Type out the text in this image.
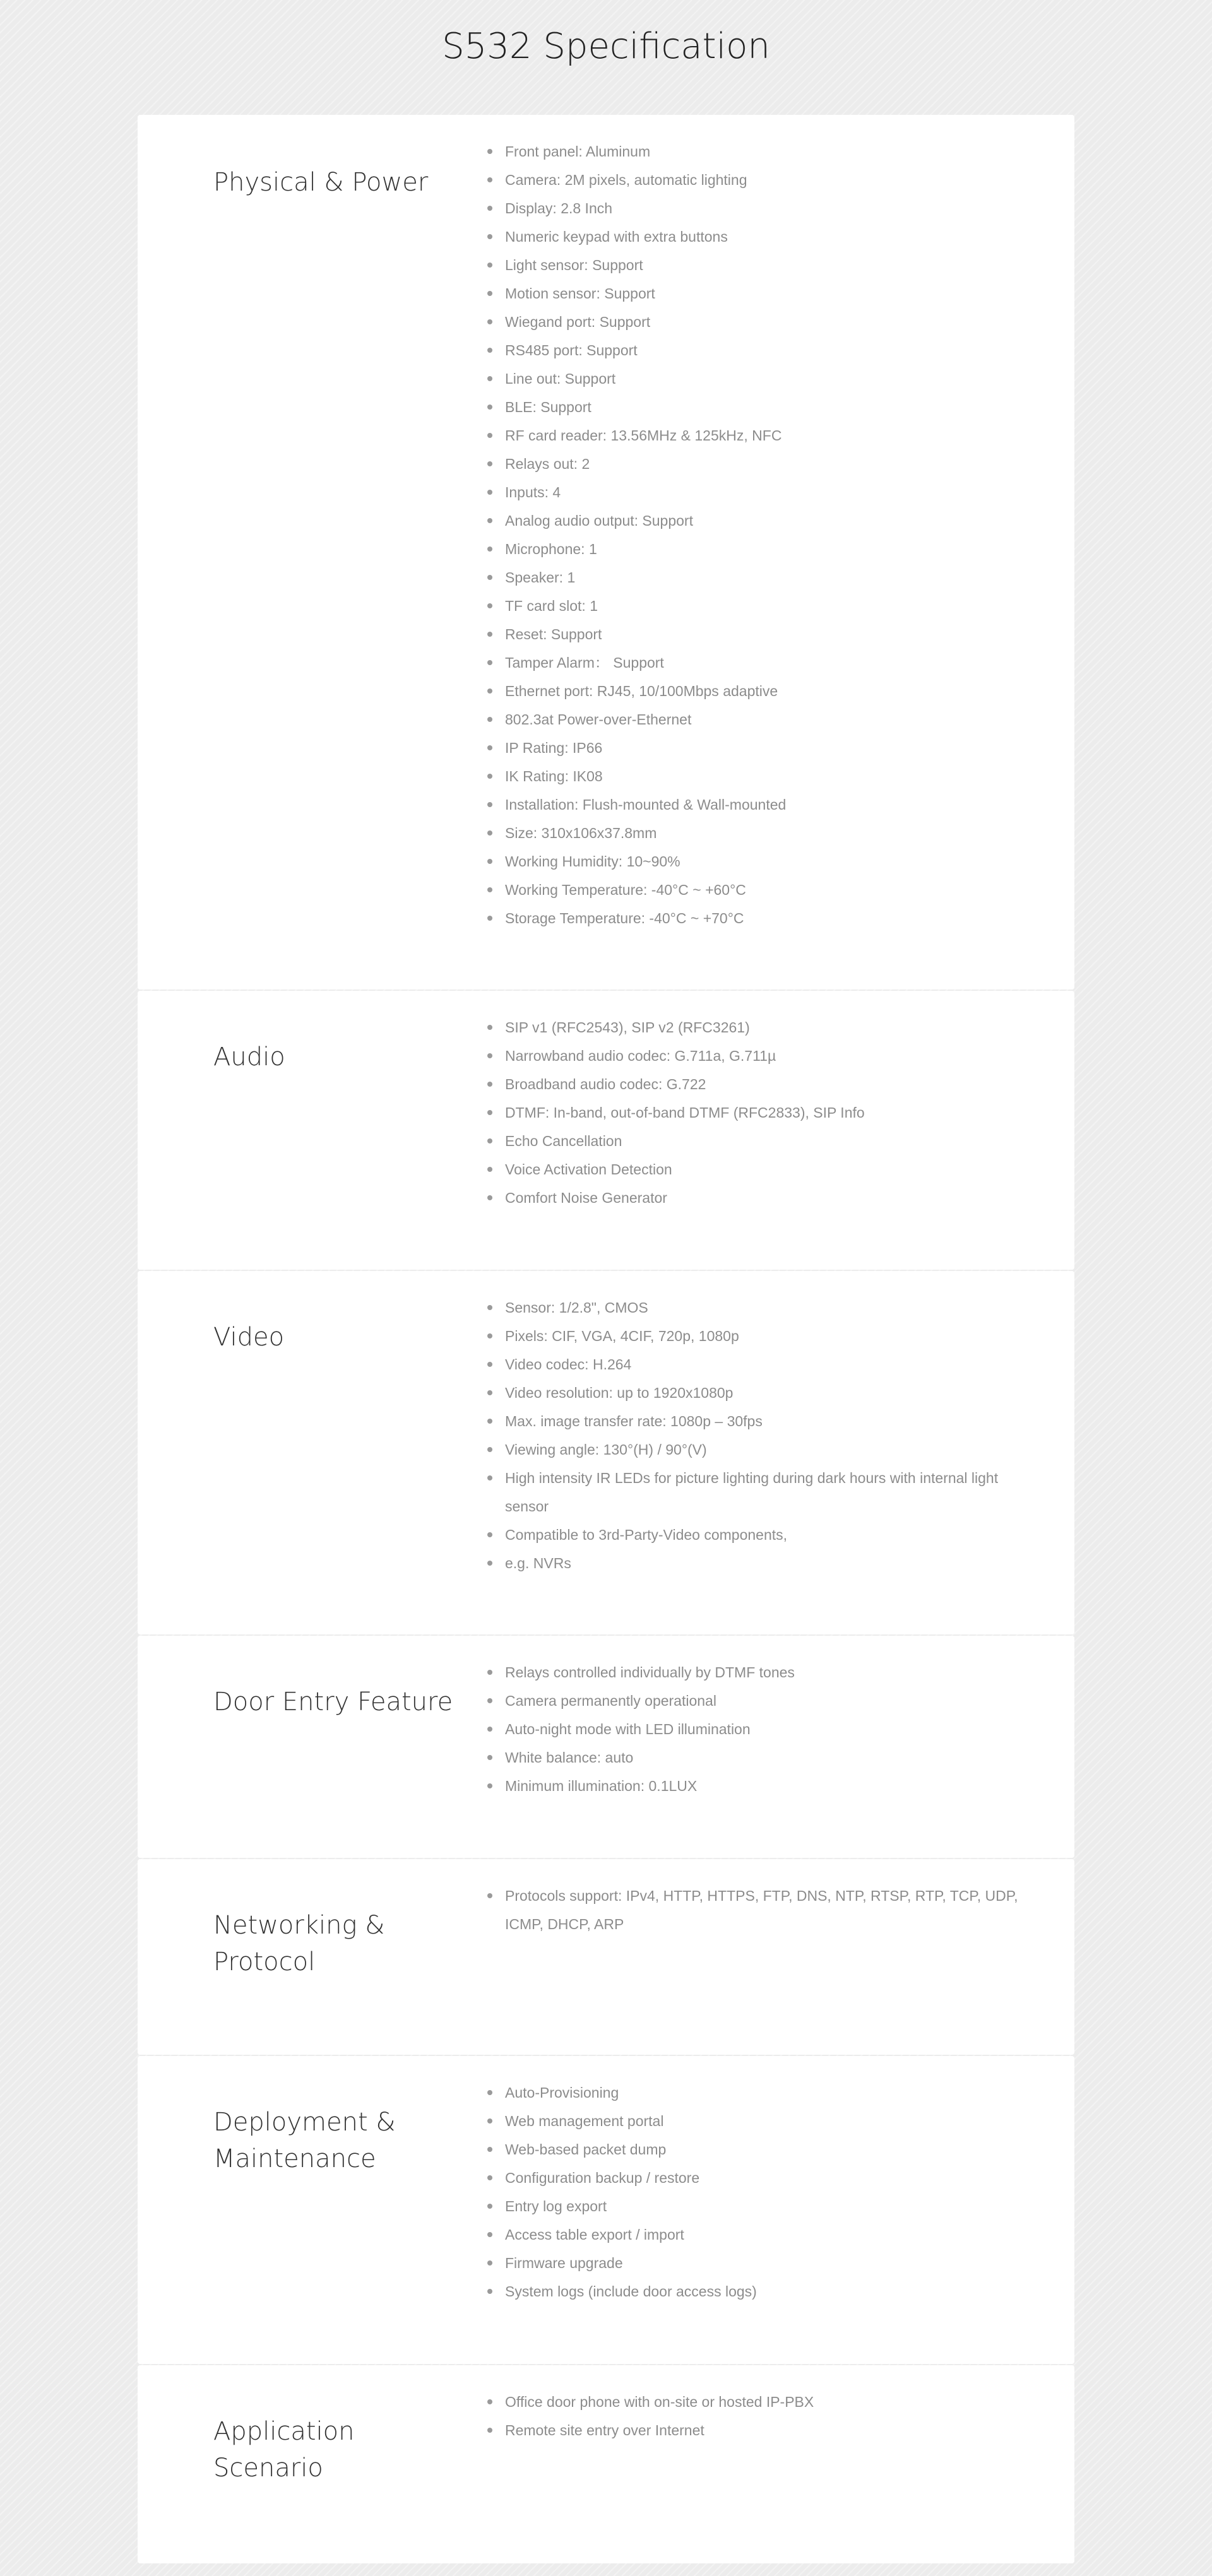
S532 Specification
Physical & Power
Front panel: Aluminum
Camera: 2M pixels, automatic lighting
Display: 2.8 Inch
Numeric keypad with extra buttons
Light sensor: Support
Motion sensor: Support
Wiegand port: Support
RS485 port: Support
Line out: Support
BLE: Support
RF card reader: 13.56MHz & 125kHz, NFC
Relays out: 2
Inputs: 4
Analog audio output: Support
Microphone: 1
Speaker: 1
TF card slot: 1
Reset: Support
Tamper Alarm： Support
Ethernet port: RJ45, 10/100Mbps adaptive
802.3at Power-over-Ethernet
IP Rating: IP66
IK Rating: IK08
Installation: Flush-mounted & Wall-mounted
Size: 310x106x37.8mm
Working Humidity: 10~90%
Working Temperature: -40°C ~ +60°C
Storage Temperature: -40°C ~ +70°C
Audio
SIP v1 (RFC2543), SIP v2 (RFC3261)
Narrowband audio codec: G.711a, G.711µ
Broadband audio codec: G.722
DTMF: In-band, out-of-band DTMF (RFC2833), SIP Info
Echo Cancellation
Voice Activation Detection
Comfort Noise Generator
Video
Sensor: 1/2.8", CMOS
Pixels: CIF, VGA, 4CIF, 720p, 1080p
Video codec: H.264
Video resolution: up to 1920x1080p
Max. image transfer rate: 1080p – 30fps
Viewing angle: 130°(H) / 90°(V)
High intensity IR LEDs for picture lighting during dark hours with internal light sensor
Compatible to 3rd-Party-Video components,
e.g. NVRs
Door Entry Feature
Relays controlled individually by DTMF tones
Camera permanently operational
Auto-night mode with LED illumination
White balance: auto
Minimum illumination: 0.1LUX
Networking & Protocol
Protocols support: IPv4, HTTP, HTTPS, FTP, DNS, NTP, RTSP, RTP, TCP, UDP, ICMP, DHCP, ARP
Deployment & Maintenance
Auto-Provisioning
Web management portal
Web-based packet dump
Configuration backup / restore
Entry log export
Access table export / import
Firmware upgrade
System logs (include door access logs)
Application Scenario
Office door phone with on-site or hosted IP-PBX
Remote site entry over Internet
